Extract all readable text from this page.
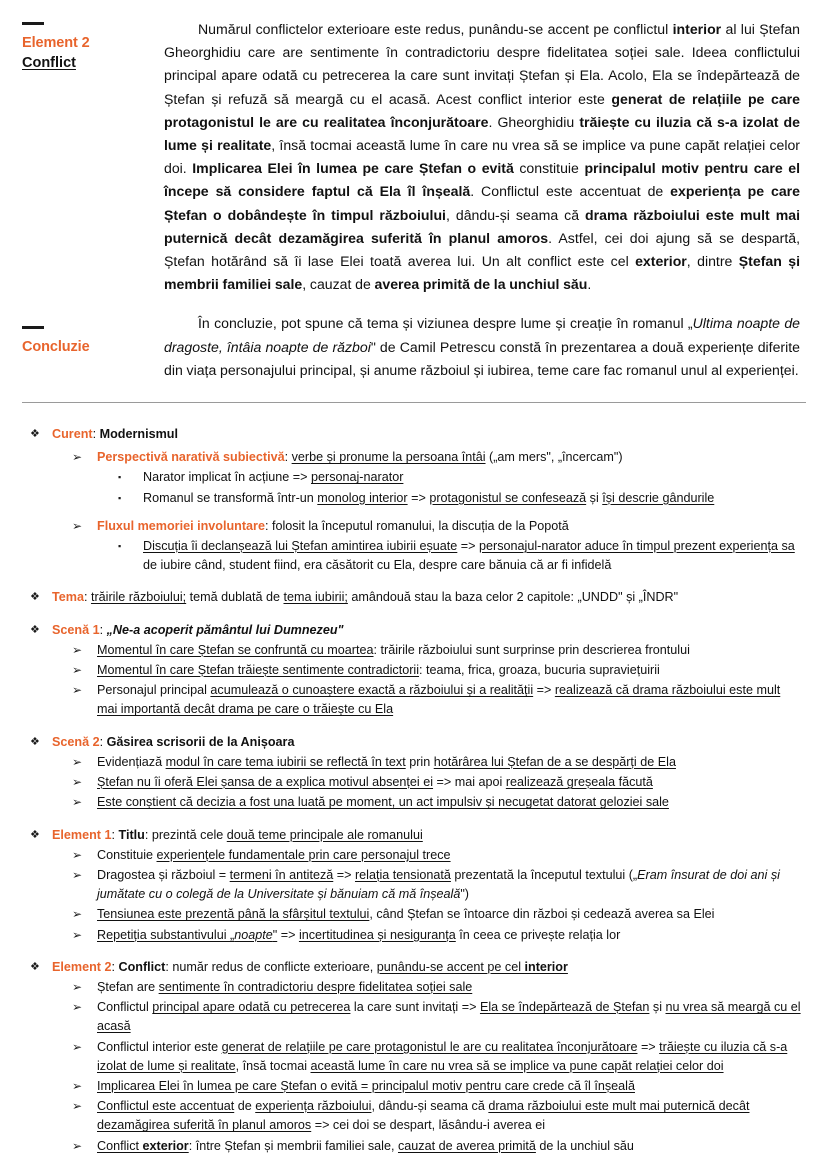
Element 2
Conflict

Numărul conflictelor exterioare este redus, punându-se accent pe conflictul interior al lui Ștefan Gheorghidiu care are sentimente în contradictoriu despre fidelitatea soției sale. Ideea conflictului principal apare odată cu petrecerea la care sunt invitați Ștefan și Ela. Acolo, Ela se îndepărtează de Ștefan și refuză să meargă cu el acasă. Acest conflict interior este generat de relațiile pe care protagonistul le are cu realitatea înconjurătoare. Gheorghidiu trăiește cu iluzia că s-a izolat de lume și realitate, însă tocmai această lume în care nu vrea să se implice va pune capăt relației celor doi. Implicarea Elei în lumea pe care Ștefan o evită constituie principalul motiv pentru care el începe să considere faptul că Ela îl înșeală. Conflictul este accentuat de experiența pe care Ștefan o dobândește în timpul războiului, dându-și seama că drama războiului este mult mai puternică decât dezamăgirea suferită în planul amoros. Astfel, cei doi ajung să se despartă, Ștefan hotărând să îi lase Elei toată averea lui. Un alt conflict este cel exterior, dintre Ștefan și membrii familiei sale, cauzat de averea primită de la unchiul său.

Concluzie

În concluzie, pot spune că tema și viziunea despre lume și creație în romanul „Ultima noapte de dragoste, întâia noapte de război" de Camil Petrescu constă în prezentarea a două experiențe diferite din viața personajului principal, și anume războiul și iubirea, teme care fac romanul unul al experienței.

❖ Curent: Modernismul
➢	Perspectivă narativă subiectivă: verbe și pronume la persoana întâi („am mers", „încercam")
▪	Narator implicat în acțiune => personaj-narator
▪	Romanul se transformă într-un monolog interior => protagonistul se confesează și își descrie gândurile
➢	Fluxul memoriei involuntare: folosit la începutul romanului, la discuția de la Popotă
▪	Discuția îi declanșează lui Ștefan amintirea iubirii eșuate => personajul-narator aduce în timpul prezent experiența sa de iubire când, student fiind, era căsătorit cu Ela, despre care bănuia că ar fi infidelă
❖ Tema: trăirile războiului; temă dublată de tema iubirii; amândouă stau la baza celor 2 capitole: „UNDD" și „ÎNDR"
❖ Scenă 1: „Ne-a acoperit pământul lui Dumnezeu"
➢	Momentul în care Ștefan se confruntă cu moartea: trăirile războiului sunt surprinse prin descrierea frontului
➢	Momentul în care Ștefan trăiește sentimente contradictorii: teama, frica, groaza, bucuria supraviețuirii
➢	Personajul principal acumulează o cunoaștere exactă a războiului și a realității => realizează că drama războiului este mult mai importantă decât drama pe care o trăiește cu Ela
❖ Scenă 2: Găsirea scrisorii de la Anișoara
➢	Evidențiază modul în care tema iubirii se reflectă în text prin hotărârea lui Ștefan de a se despărți de Ela
➢	Ștefan nu îi oferă Elei șansa de a explica motivul absenței ei => mai apoi realizează greșeala făcută
➢	Este conștient că decizia a fost una luată pe moment, un act impulsiv și necugetat datorat geloziei sale
❖ Element 1: Titlu: prezintă cele două teme principale ale romanului
➢	Constituie experiențele fundamentale prin care personajul trece
➢	Dragostea și războiul = termeni în antiteză => relația tensionată prezentată la începutul textului („Eram însurat de doi ani și jumătate cu o colegă de la Universitate și bănuiam că mă înșeală")
➢	Tensiunea este prezentă până la sfârșitul textului, când Ștefan se întoarce din război și cedează averea sa Elei
➢	Repetiția substantivului „noapte" => incertitudinea și nesiguranța în ceea ce privește relația lor
❖ Element 2: Conflict: număr redus de conflicte exterioare, punându-se accent pe cel interior
➢	Ștefan are sentimente în contradictoriu despre fidelitatea soției sale
➢	Conflictul principal apare odată cu petrecerea la care sunt invitați => Ela se îndepărtează de Ștefan și nu vrea să meargă cu el acasă
➢	Conflictul interior este generat de relațiile pe care protagonistul le are cu realitatea înconjurătoare => trăiește cu iluzia că s-a izolat de lume și realitate, însă tocmai această lume în care nu vrea să se implice va pune capăt relației celor doi
➢	Implicarea Elei în lumea pe care Ștefan o evită = principalul motiv pentru care crede că îl înșeală
➢	Conflictul este accentuat de experiența războiului, dându-și seama că drama războiului este mult mai puternică decât dezamăgirea suferită în planul amoros => cei doi se despart, lăsându-i averea ei
➢	Conflict exterior: între Ștefan și membrii familiei sale, cauzat de averea primită de la unchiul său
